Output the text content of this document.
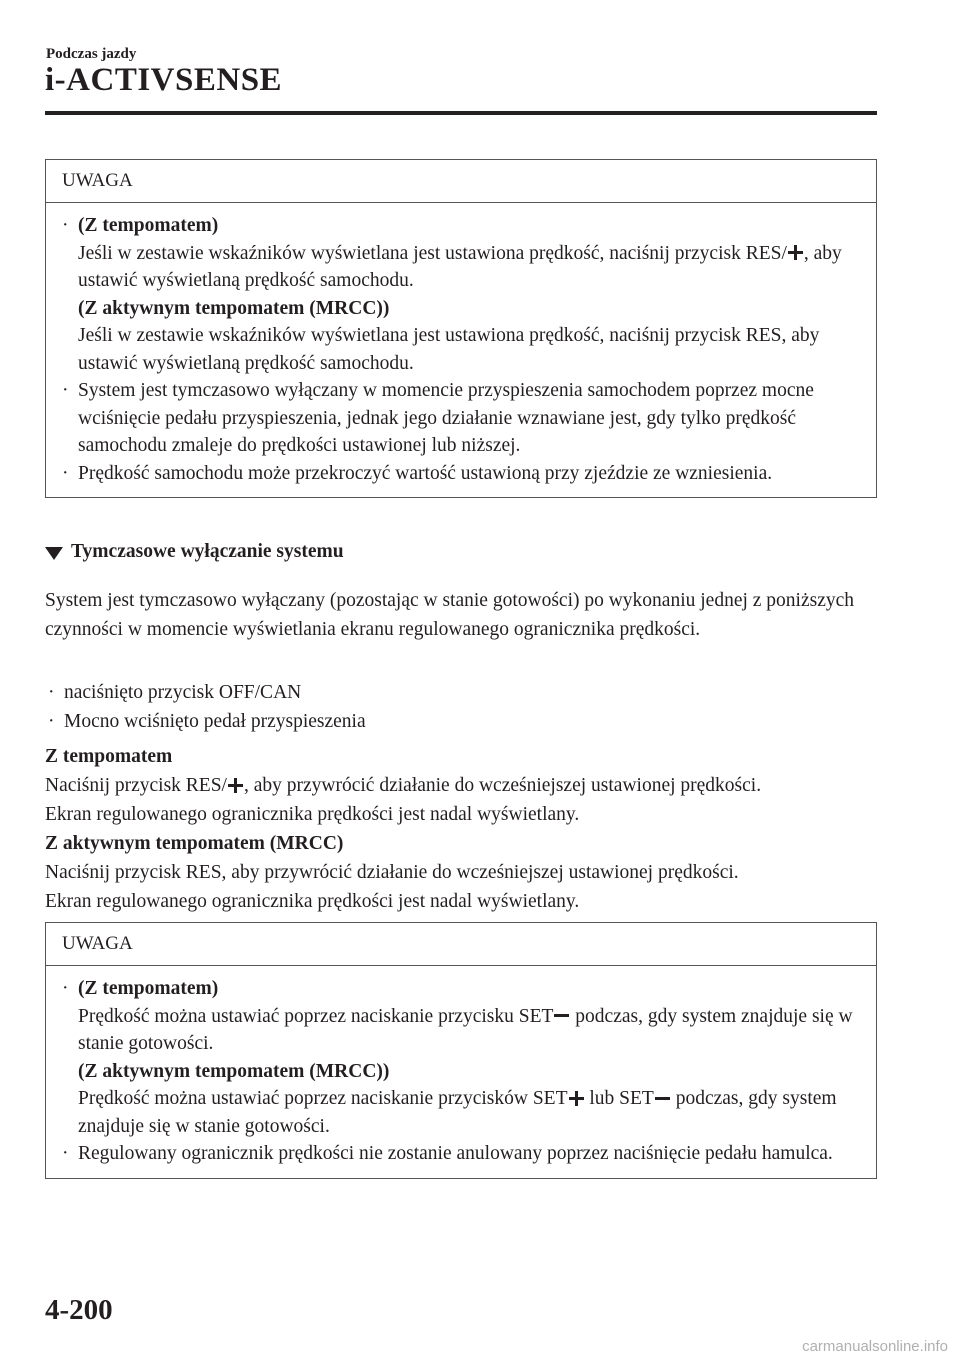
Podczas jazdy
i-ACTIVSENSE
UWAGA
· (Z tempomatem)
Jeśli w zestawie wskaźników wyświetlana jest ustawiona prędkość, naciśnij przycisk RES/ , aby ustawić wyświetlaną prędkość samochodu.
(Z aktywnym tempomatem (MRCC))
Jeśli w zestawie wskaźników wyświetlana jest ustawiona prędkość, naciśnij przycisk RES, aby ustawić wyświetlaną prędkość samochodu.
· System jest tymczasowo wyłączany w momencie przyspieszenia samochodem poprzez mocne wciśnięcie pedału przyspieszenia, jednak jego działanie wznawiane jest, gdy tylko prędkość samochodu zmaleje do prędkości ustawionej lub niższej.
· Prędkość samochodu może przekroczyć wartość ustawioną przy zjeździe ze wzniesienia.
Tymczasowe wyłączanie systemu
System jest tymczasowo wyłączany (pozostając w stanie gotowości) po wykonaniu jednej z poniższych czynności w momencie wyświetlania ekranu regulowanego ogranicznika prędkości.
· naciśnięto przycisk OFF/CAN
· Mocno wciśnięto pedał przyspieszenia
Z tempomatem
Naciśnij przycisk RES/ , aby przywrócić działanie do wcześniejszej ustawionej prędkości.
Ekran regulowanego ogranicznika prędkości jest nadal wyświetlany.
Z aktywnym tempomatem (MRCC)
Naciśnij przycisk RES, aby przywrócić działanie do wcześniejszej ustawionej prędkości.
Ekran regulowanego ogranicznika prędkości jest nadal wyświetlany.
UWAGA
· (Z tempomatem)
Prędkość można ustawiać poprzez naciskanie przycisku SET podczas, gdy system znajduje się w stanie gotowości.
(Z aktywnym tempomatem (MRCC))
Prędkość można ustawiać poprzez naciskanie przycisków SET lub SET podczas, gdy system znajduje się w stanie gotowości.
· Regulowany ogranicznik prędkości nie zostanie anulowany poprzez naciśnięcie pedału hamulca.
4-200
carmanualsonline.info
